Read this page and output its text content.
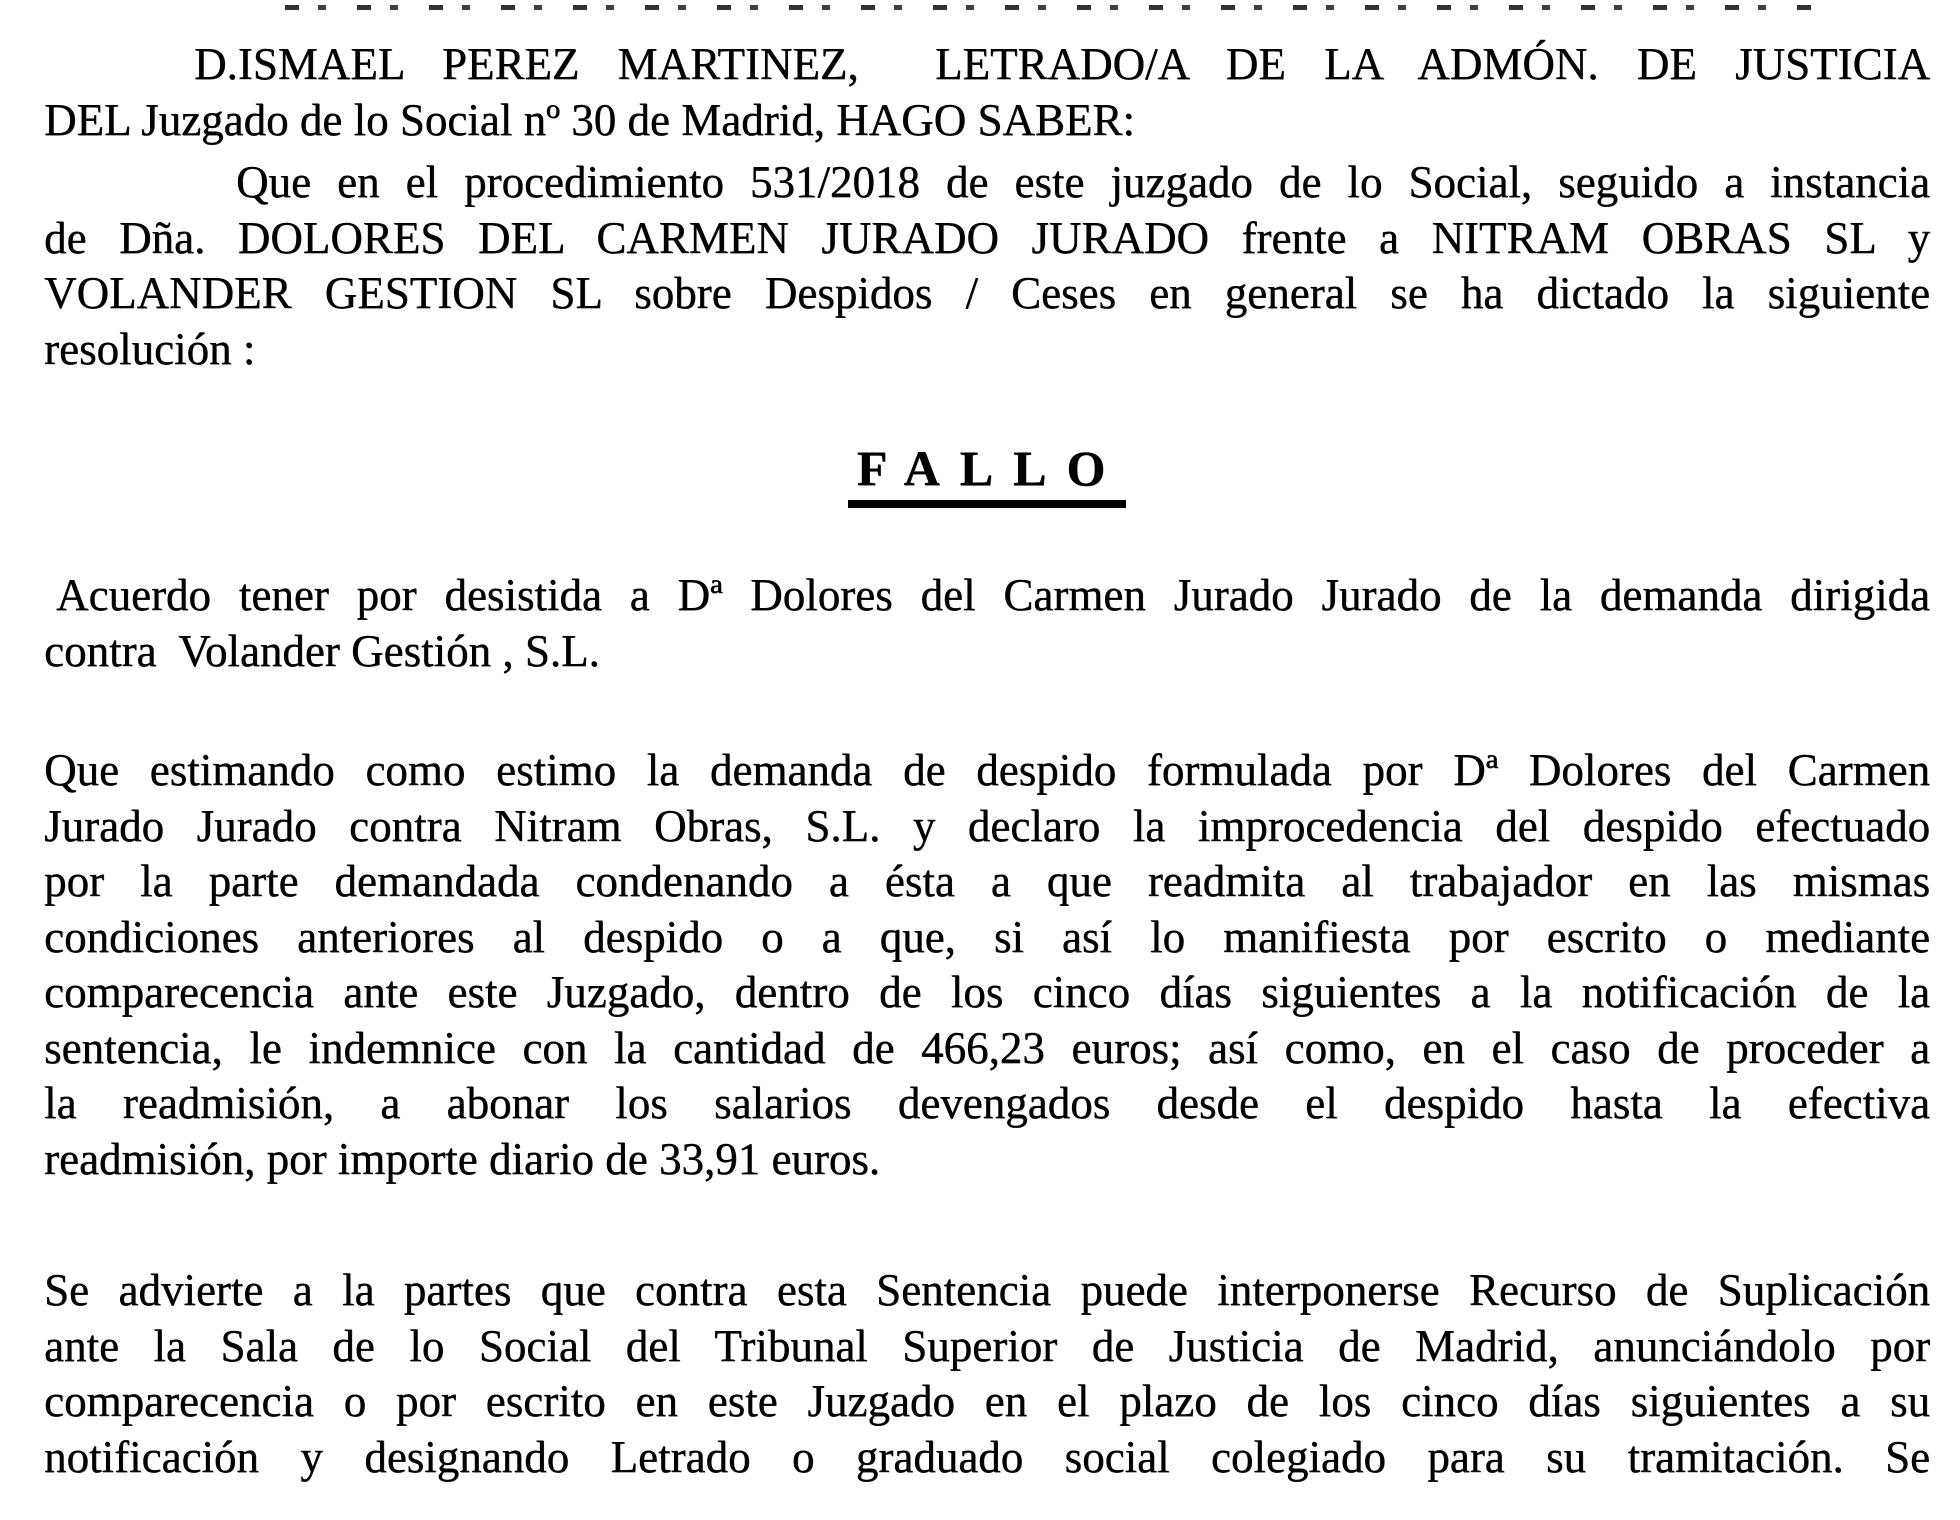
D.ISMAEL PEREZ MARTINEZ,  LETRADO/A DE LA ADMÓN. DE JUSTICIA
DEL Juzgado de lo Social nº 30 de Madrid, HAGO SABER:
Que en el procedimiento 531/2018 de este juzgado de lo Social, seguido a instancia
de Dña. DOLORES DEL CARMEN JURADO JURADO frente a NITRAM OBRAS SL y
VOLANDER GESTION SL sobre Despidos / Ceses en general se ha dictado la siguiente
resolución :
FALLO
Acuerdo tener por desistida a Dª Dolores del Carmen Jurado Jurado de la demanda dirigida
contra  Volander Gestión , S.L.
Que estimando como estimo la demanda de despido formulada por Dª Dolores del Carmen
Jurado Jurado contra Nitram Obras, S.L. y declaro la improcedencia del despido efectuado
por la parte demandada condenando a ésta a que readmita al trabajador en las mismas
condiciones anteriores al despido o a que, si así lo manifiesta por escrito o mediante
comparecencia ante este Juzgado, dentro de los cinco días siguientes a la notificación de la
sentencia, le indemnice con la cantidad de 466,23 euros; así como, en el caso de proceder a
la readmisión, a abonar los salarios devengados desde el despido hasta la efectiva
readmisión, por importe diario de 33,91 euros.
Se advierte a la partes que contra esta Sentencia puede interponerse Recurso de Suplicación
ante la Sala de lo Social del Tribunal Superior de Justicia de Madrid, anunciándolo por
comparecencia o por escrito en este Juzgado en el plazo de los cinco días siguientes a su
notificación y designando Letrado o graduado social colegiado para su tramitación. Se
